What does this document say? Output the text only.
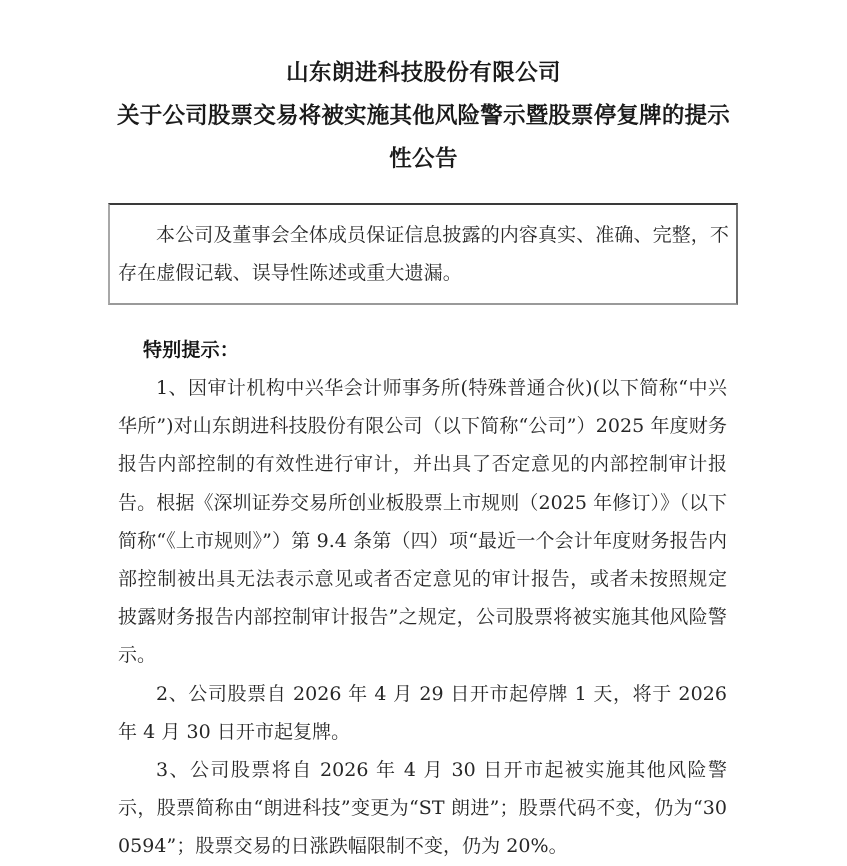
山东朗进科技股份有限公司
关于公司股票交易将被实施其他风险警示暨股票停复牌的提示
性公告
本公司及董事会全体成员保证信息披露的内容真实、准确、完整，不存在虚假记载、误导性陈述或重大遗漏。
特别提示：
1、因审计机构中兴华会计师事务所(特殊普通合伙)(以下简称“中兴华所”)对山东朗进科技股份有限公司（以下简称“公司”）2025 年度财务报告内部控制的有效性进行审计，并出具了否定意见的内部控制审计报告。根据《深圳证券交易所创业板股票上市规则（2025 年修订）》（以下简称“《上市规则》”）第 9.4 条第（四）项“最近一个会计年度财务报告内部控制被出具无法表示意见或者否定意见的审计报告，或者未按照规定披露财务报告内部控制审计报告”之规定，公司股票将被实施其他风险警示。
2、公司股票自 2026 年 4 月 29 日开市起停牌 1 天，将于 2026 年 4 月 30 日开市起复牌。
3、公司股票将自 2026 年 4 月 30 日开市起被实施其他风险警示，股票简称由“朗进科技”变更为“ST 朗进”；股票代码不变，仍为“300594”；股票交易的日涨跌幅限制不变，仍为 20%。
